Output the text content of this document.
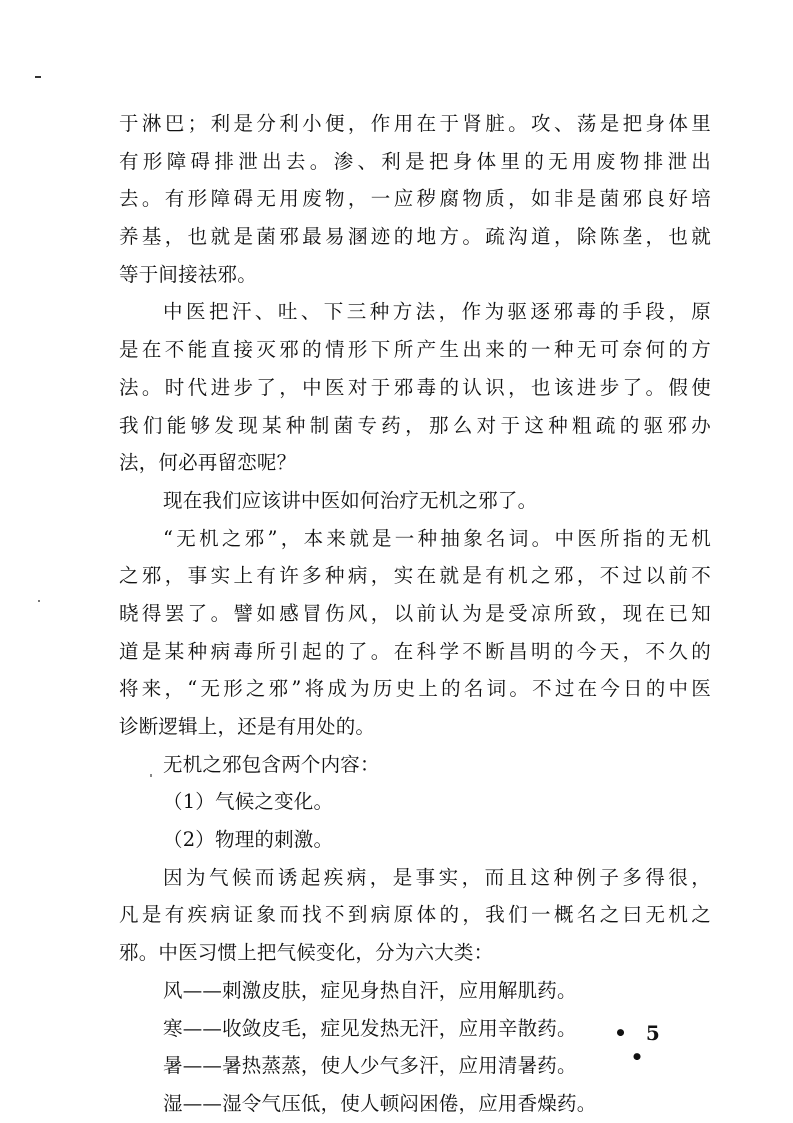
于淋巴；利是分利小便，作用在于肾脏。攻、荡是把身体里
有形障碍排泄出去。渗、利是把身体里的无用废物排泄出
去。有形障碍无用废物，一应秽腐物质，如非是菌邪良好培
养基，也就是菌邪最易溷迹的地方。疏沟道，除陈垄，也就
等于间接祛邪。
中医把汗、吐、下三种方法，作为驱逐邪毒的手段，原
是在不能直接灭邪的情形下所产生出来的一种无可奈何的方
法。时代进步了，中医对于邪毒的认识，也该进步了。假使
我们能够发现某种制菌专药，那么对于这种粗疏的驱邪办
法，何必再留恋呢？
现在我们应该讲中医如何治疗无机之邪了。
“无机之邪”，本来就是一种抽象名词。中医所指的无机
之邪，事实上有许多种病，实在就是有机之邪，不过以前不
晓得罢了。譬如感冒伤风，以前认为是受凉所致，现在已知
道是某种病毒所引起的了。在科学不断昌明的今天，不久的
将来，“无形之邪”将成为历史上的名词。不过在今日的中医
诊断逻辑上，还是有用处的。
无机之邪包含两个内容：
（1）气候之变化。
（2）物理的刺激。
因为气候而诱起疾病，是事实，而且这种例子多得很，
凡是有疾病证象而找不到病原体的，我们一概名之曰无机之
邪。中医习惯上把气候变化，分为六大类：
风——刺激皮肤，症见身热自汗，应用解肌药。
寒——收敛皮毛，症见发热无汗，应用辛散药。
暑——暑热蒸蒸，使人少气多汗，应用清暑药。
湿——湿令气压低，使人顿闷困倦，应用香燥药。
• 5 •
